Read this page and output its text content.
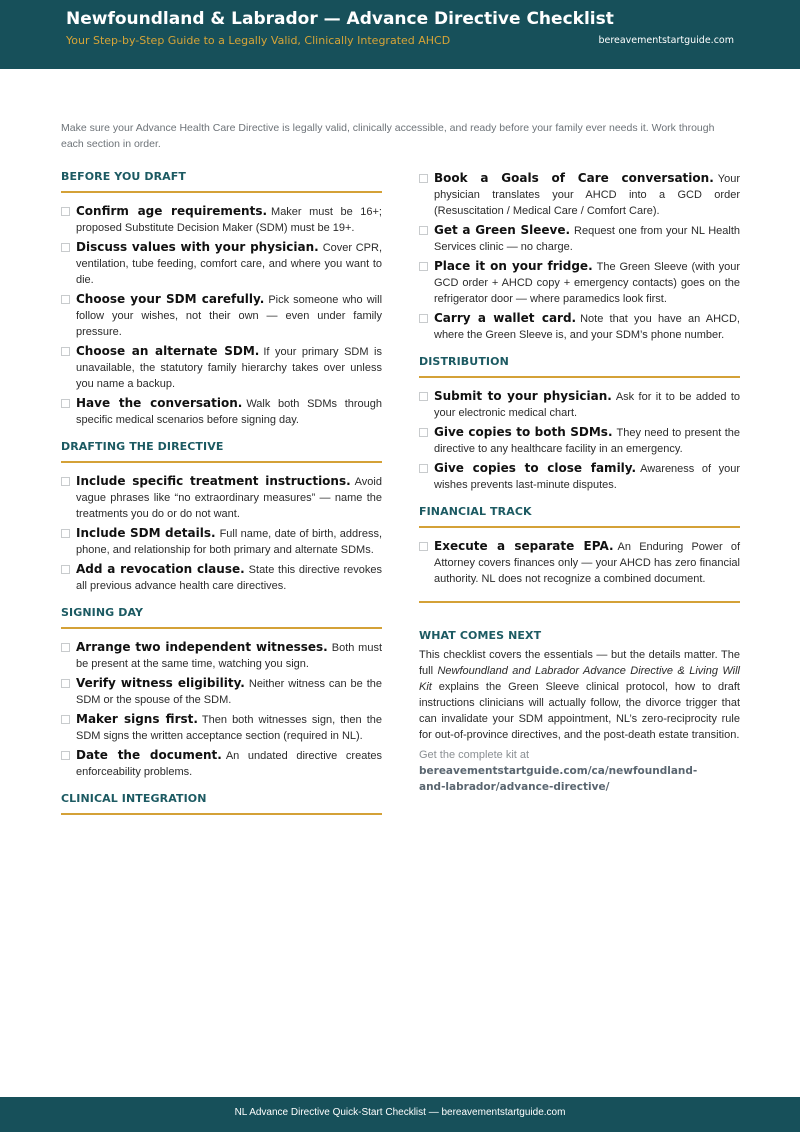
Newfoundland & Labrador — Advance Directive Checklist
Your Step-by-Step Guide to a Legally Valid, Clinically Integrated AHCD	bereavementstartguide.com
Make sure your Advance Health Care Directive is legally valid, clinically accessible, and ready before your family ever needs it. Work through each section in order.
BEFORE YOU DRAFT
Confirm age requirements. Maker must be 16+; proposed Substitute Decision Maker (SDM) must be 19+.
Discuss values with your physician. Cover CPR, ventilation, tube feeding, comfort care, and where you want to die.
Choose your SDM carefully. Pick someone who will follow your wishes, not their own — even under family pressure.
Choose an alternate SDM. If your primary SDM is unavailable, the statutory family hierarchy takes over unless you name a backup.
Have the conversation. Walk both SDMs through specific medical scenarios before signing day.
DRAFTING THE DIRECTIVE
Include specific treatment instructions. Avoid vague phrases like “no extraordinary measures” — name the treatments you do or do not want.
Include SDM details. Full name, date of birth, address, phone, and relationship for both primary and alternate SDMs.
Add a revocation clause. State this directive revokes all previous advance health care directives.
SIGNING DAY
Arrange two independent witnesses. Both must be present at the same time, watching you sign.
Verify witness eligibility. Neither witness can be the SDM or the spouse of the SDM.
Maker signs first. Then both witnesses sign, then the SDM signs the written acceptance section (required in NL).
Date the document. An undated directive creates enforceability problems.
CLINICAL INTEGRATION
Book a Goals of Care conversation. Your physician translates your AHCD into a GCD order (Resuscitation / Medical Care / Comfort Care).
Get a Green Sleeve. Request one from your NL Health Services clinic — no charge.
Place it on your fridge. The Green Sleeve (with your GCD order + AHCD copy + emergency contacts) goes on the refrigerator door — where paramedics look first.
Carry a wallet card. Note that you have an AHCD, where the Green Sleeve is, and your SDM’s phone number.
DISTRIBUTION
Submit to your physician. Ask for it to be added to your electronic medical chart.
Give copies to both SDMs. They need to present the directive to any healthcare facility in an emergency.
Give copies to close family. Awareness of your wishes prevents last-minute disputes.
FINANCIAL TRACK
Execute a separate EPA. An Enduring Power of Attorney covers finances only — your AHCD has zero financial authority. NL does not recognize a combined document.
WHAT COMES NEXT
This checklist covers the essentials — but the details matter. The full Newfoundland and Labrador Advance Directive & Living Will Kit explains the Green Sleeve clinical protocol, how to draft instructions clinicians will actually follow, the divorce trigger that can invalidate your SDM appointment, NL’s zero-reciprocity rule for out-of-province directives, and the post-death estate transition.
Get the complete kit at
bereavementstartguide.com/ca/newfoundland-and-labrador/advance-directive/
NL Advance Directive Quick-Start Checklist — bereavementstartguide.com
